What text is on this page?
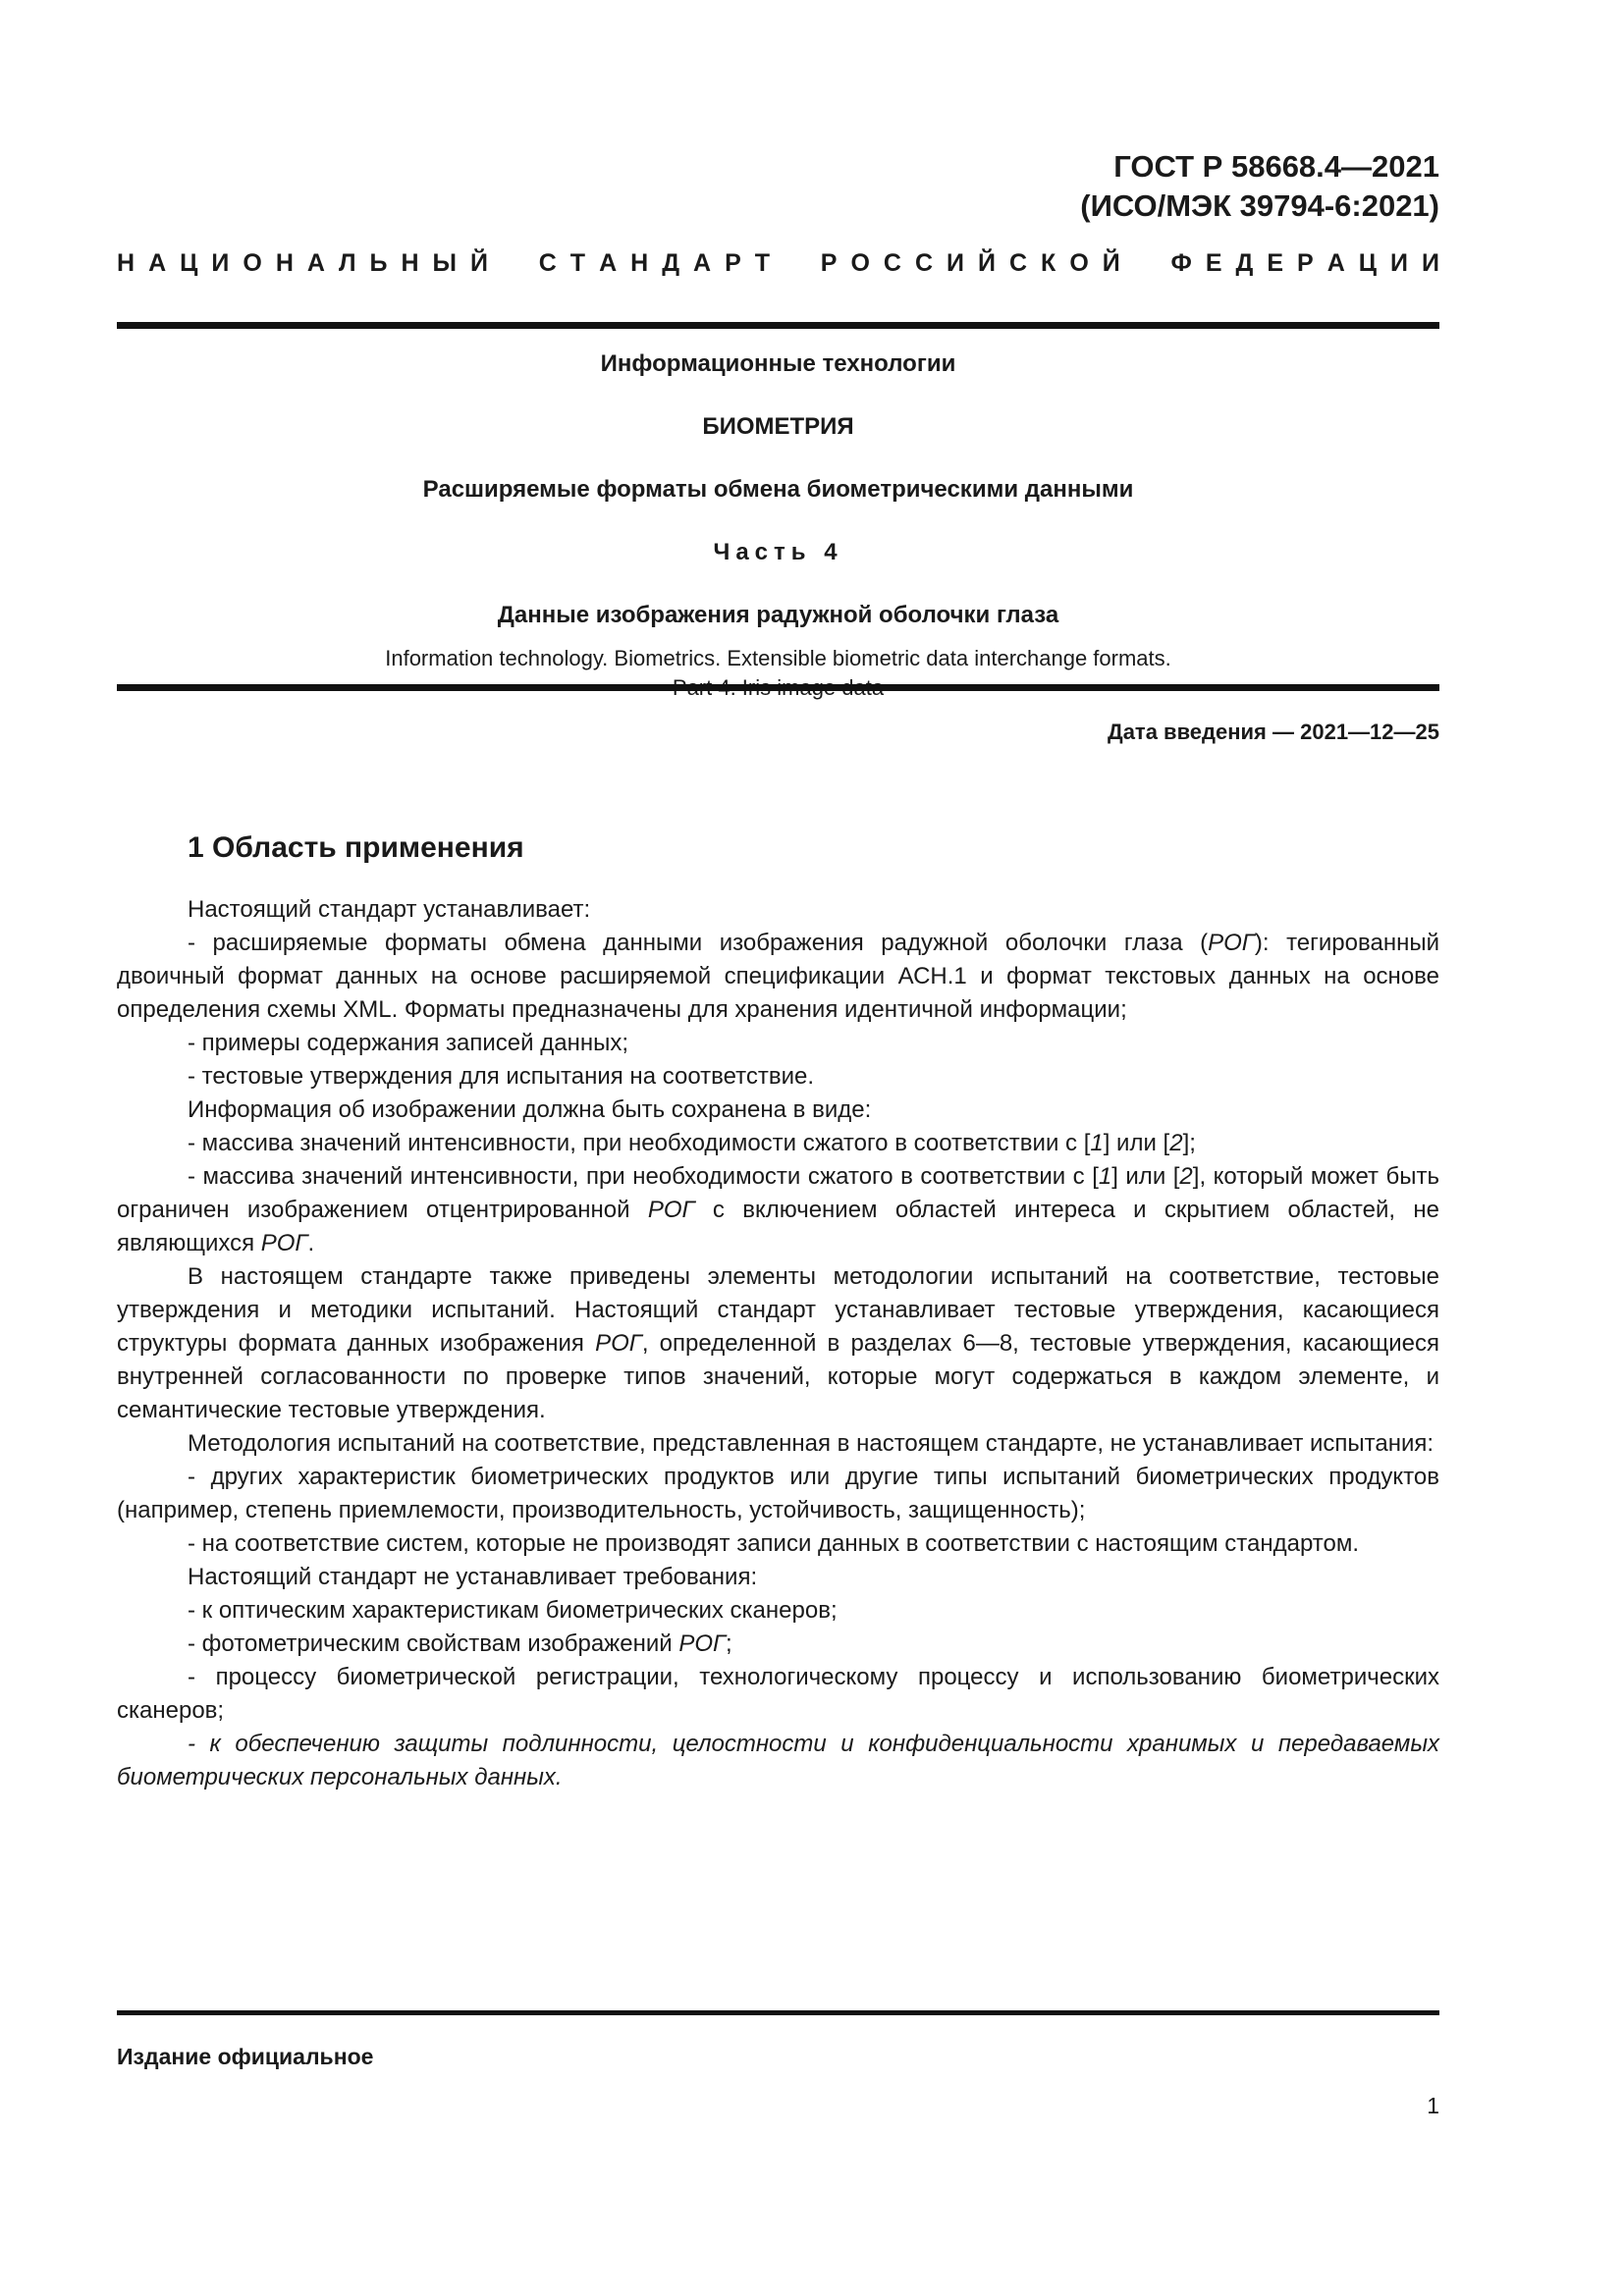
ГОСТ Р 58668.4—2021
(ИСО/МЭК 39794-6:2021)
Н А Ц И О Н А Л Ь Н Ы Й С Т А Н Д А Р Т Р О С С И Й С К О Й Ф Е Д Е Р А Ц И И
Информационные технологии
БИОМЕТРИЯ
Расширяемые форматы обмена биометрическими данными
Часть 4
Данные изображения радужной оболочки глаза
Information technology. Biometrics. Extensible biometric data interchange formats.
Дата введения — 2021—12—25
1 Область применения

Настоящий стандарт устанавливает:

- расширяемые форматы обмена данными изображения радужной оболочки глаза (РОГ): тегированный двоичный формат данных на основе расширяемой спецификации АСН.1 и формат текстовых данных на основе определения схемы XML. Форматы предназначены для хранения идентичной информации;

- примеры содержания записей данных;

- тестовые утверждения для испытания на соответствие.

Информация об изображении должна быть сохранена в виде:

- массива значений интенсивности, при необходимости сжатого в соответствии с [1] или [2];

- массива значений интенсивности, при необходимости сжатого в соответствии с [1] или [2], который может быть ограничен изображением отцентрированной РОГ с включением областей интереса и скрытием областей, не являющихся РОГ.

В настоящем стандарте также приведены элементы методологии испытаний на соответствие, тестовые утверждения и методики испытаний. Настоящий стандарт устанавливает тестовые утверждения, касающиеся структуры формата данных изображения РОГ, определенной в разделах 6—8, тестовые утверждения, касающиеся внутренней согласованности по проверке типов значений, которые могут содержаться в каждом элементе, и семантические тестовые утверждения.

Методология испытаний на соответствие, представленная в настоящем стандарте, не устанавливает испытания:

- других характеристик биометрических продуктов или другие типы испытаний биометрических продуктов (например, степень приемлемости, производительность, устойчивость, защищенность);

- на соответствие систем, которые не производят записи данных в соответствии с настоящим стандартом.

Настоящий стандарт не устанавливает требования:

- к оптическим характеристикам биометрических сканеров;

- фотометрическим свойствам изображений РОГ;

- процессу биометрической регистрации, технологическому процессу и использованию биометрических сканеров;

- к обеспечению защиты подлинности, целостности и конфиденциальности хранимых и передаваемых биометрических персональных данных.

Издание официальное
1
